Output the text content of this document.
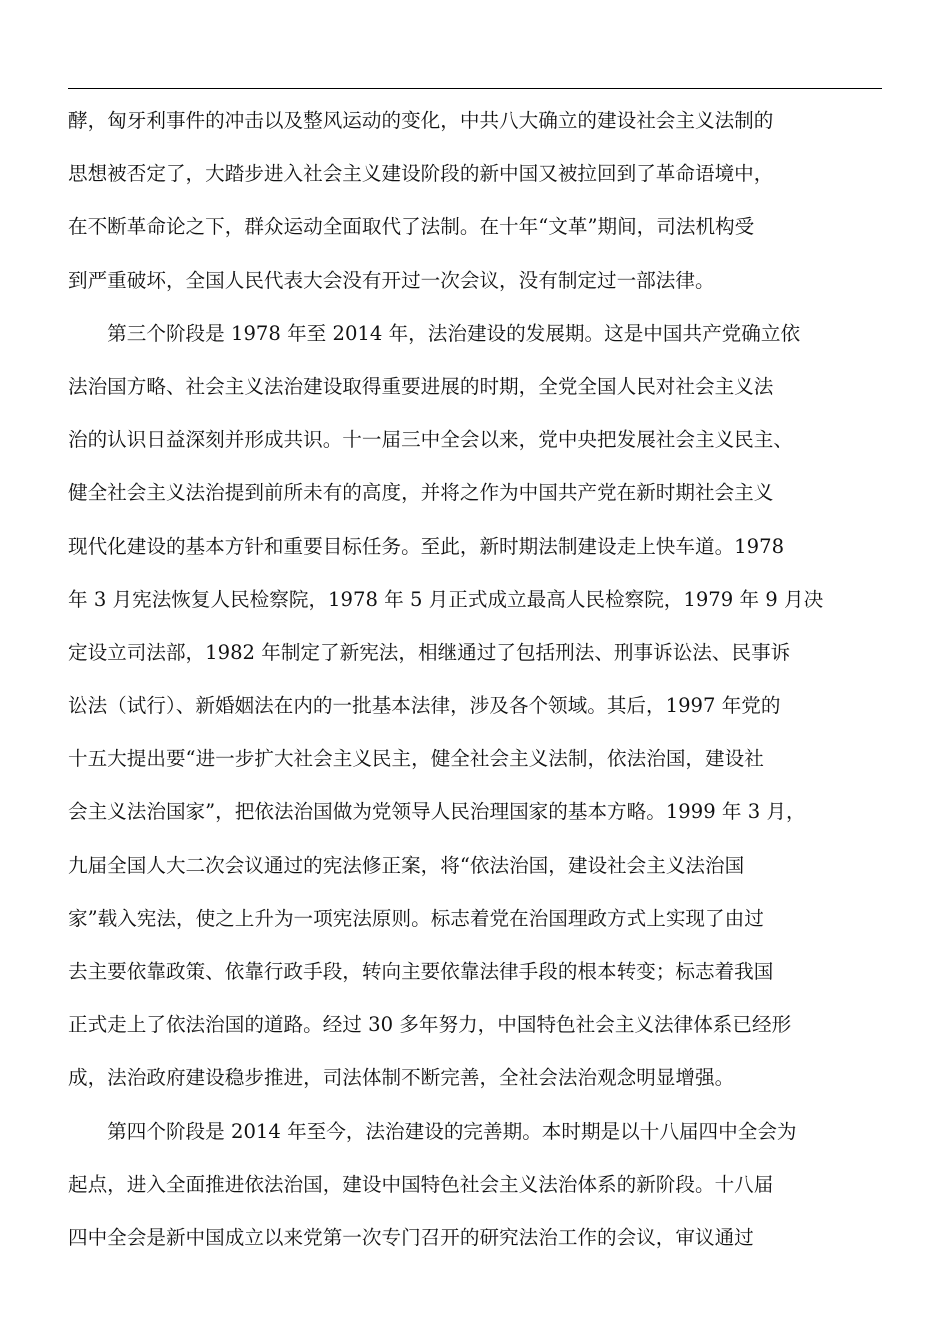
酵，匈牙利事件的冲击以及整风运动的变化，中共八大确立的建设社会主义法制的
思想被否定了，大踏步进入社会主义建设阶段的新中国又被拉回到了革命语境中，
在不断革命论之下，群众运动全面取代了法制。在十年“文革”期间，司法机构受
到严重破坏，全国人民代表大会没有开过一次会议，没有制定过一部法律。
　　第三个阶段是 1978 年至 2014 年，法治建设的发展期。这是中国共产党确立依
法治国方略、社会主义法治建设取得重要进展的时期，全党全国人民对社会主义法
治的认识日益深刻并形成共识。十一届三中全会以来，党中央把发展社会主义民主、
健全社会主义法治提到前所未有的高度，并将之作为中国共产党在新时期社会主义
现代化建设的基本方针和重要目标任务。至此，新时期法制建设走上快车道。1978
年 3 月宪法恢复人民检察院，1978 年 5 月正式成立最高人民检察院，1979 年 9 月决
定设立司法部，1982 年制定了新宪法，相继通过了包括刑法、刑事诉讼法、民事诉
讼法（试行）、新婚姻法在内的一批基本法律，涉及各个领域。其后，1997 年党的
十五大提出要“进一步扩大社会主义民主，健全社会主义法制，依法治国，建设社
会主义法治国家”，把依法治国做为党领导人民治理国家的基本方略。1999 年 3 月，
九届全国人大二次会议通过的宪法修正案，将“依法治国，建设社会主义法治国
家”载入宪法，使之上升为一项宪法原则。标志着党在治国理政方式上实现了由过
去主要依靠政策、依靠行政手段，转向主要依靠法律手段的根本转变；标志着我国
正式走上了依法治国的道路。经过 30 多年努力，中国特色社会主义法律体系已经形
成，法治政府建设稳步推进，司法体制不断完善，全社会法治观念明显增强。
　　第四个阶段是 2014 年至今，法治建设的完善期。本时期是以十八届四中全会为
起点，进入全面推进依法治国，建设中国特色社会主义法治体系的新阶段。十八届
四中全会是新中国成立以来党第一次专门召开的研究法治工作的会议，审议通过
